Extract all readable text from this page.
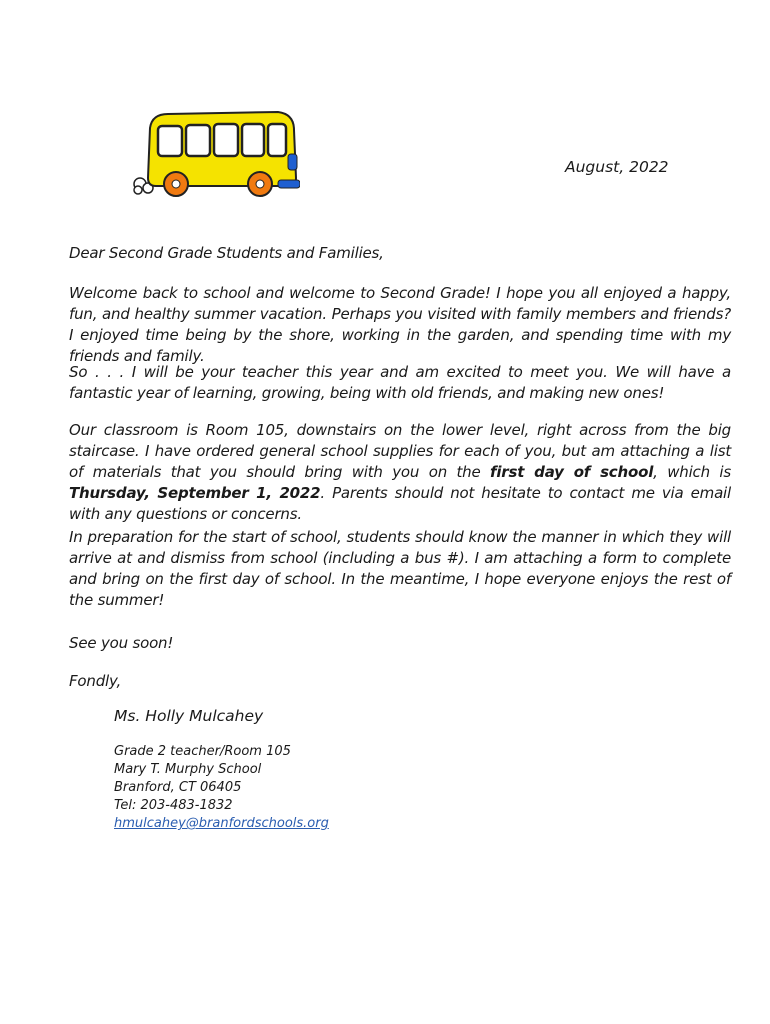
August, 2022

Dear Second Grade Students and Families,

Welcome back to school and welcome to Second Grade! I hope you all enjoyed a happy, fun, and healthy summer vacation. Perhaps you visited with family members and friends? I enjoyed time being by the shore, working in the garden, and spending time with my friends and family.

So . . . I will be your teacher this year and am excited to meet you. We will have a fantastic year of learning, growing, being with old friends, and making new ones!

Our classroom is Room 105, downstairs on the lower level, right across from the big staircase. I have ordered general school supplies for each of you, but am attaching a list of materials that you should bring with you on the first day of school, which is Thursday, September 1, 2022. Parents should not hesitate to contact me via email with any questions or concerns.

In preparation for the start of school, students should know the manner in which they will arrive at and dismiss from school (including a bus #). I am attaching a form to complete and bring on the first day of school. In the meantime, I hope everyone enjoys the rest of the summer!

See you soon!

Fondly,

Ms. Holly Mulcahey
Grade 2 teacher/Room 105
Mary T. Murphy School
Branford, CT 06405
Tel: 203-483-1832
hmulcahey@branfordschools.org
